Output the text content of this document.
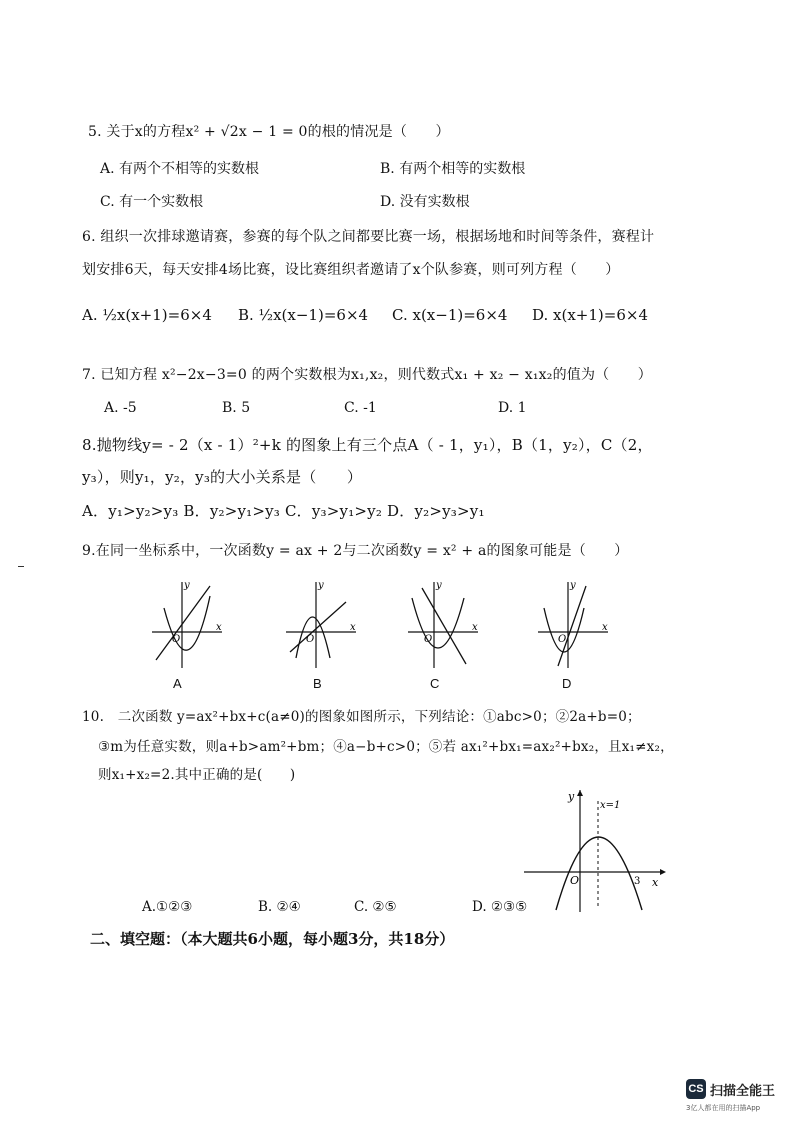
5. 关于x的方程x² + √2x − 1 = 0的根的情况是（　　）
A. 有两个不相等的实数根	B. 有两个相等的实数根
C. 有一个实数根	D. 没有实数根
6. 组织一次排球邀请赛，参赛的每个队之间都要比赛一场，根据场地和时间等条件，赛程计
划安排6天，每天安排4场比赛，设比赛组织者邀请了x个队参赛，则可列方程（　　）
A. ½x(x+1)=6×4 B. ½x(x−1)=6×4 C. x(x−1)=6×4 D. x(x+1)=6×4
7. 已知方程 x²−2x−3=0 的两个实数根为x₁,x₂，则代数式x₁ + x₂ − x₁x₂的值为（　　）
A. -5	B. 5	C. -1	D. 1
8.抛物线y= - 2（x - 1）²+k 的图象上有三个点A（ - 1，y₁），B（1，y₂），C（2，
y₃），则y₁，y₂，y₃的大小关系是（　　）
A．y₁>y₂>y₃ B．y₂>y₁>y₃ C．y₃>y₁>y₂ D．y₂>y₃>y₁
9.在同一坐标系中，一次函数y = ax + 2与二次函数y = x² + a的图象可能是（　　）
y
x
O
A
y
x
O
B
y
x
O
C
y
x
O
D
10.　二次函数 y=ax²+bx+c(a≠0)的图象如图所示，下列结论：①abc>0；②2a+b=0；
③m为任意实数，则a+b>am²+bm；④a−b+c>0；⑤若 ax₁²+bx₁=ax₂²+bx₂，且x₁≠x₂，
则x₁+x₂=2.其中正确的是(　　)
y
x
O
x=1
3
A.①②③	B. ②④	C. ②⑤	D. ②③⑤
二、填空题：（本大题共6小题，每小题3分，共18分）
CS 扫描全能王
3亿人都在用的扫描App
